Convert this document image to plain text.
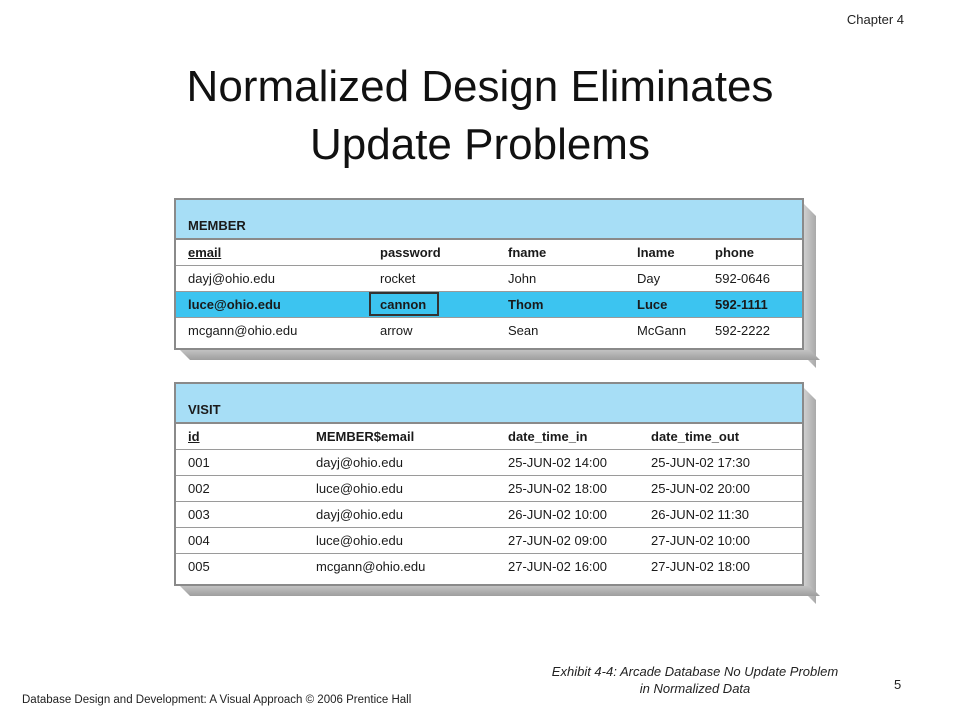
Chapter 4
Normalized Design Eliminates
Update Problems
MEMBER
email	password	fname	lname	phone
dayj@ohio.edu	rocket	John	Day	592-0646
luce@ohio.edu	cannon	Thom	Luce	592-1111
mcgann@ohio.edu	arrow	Sean	McGann 592-2222
VISIT
id	MEMBER$email	date_time_in	date_time_out
001	dayj@ohio.edu	25-JUN-02 14:00	25-JUN-02 17:30
002	luce@ohio.edu	25-JUN-02 18:00	25-JUN-02 20:00
003	dayj@ohio.edu	26-JUN-02 10:00	26-JUN-02 11:30
004	luce@ohio.edu	27-JUN-02 09:00	27-JUN-02 10:00
005	mcgann@ohio.edu	27-JUN-02 16:00	27-JUN-02 18:00
Exhibit 4-4: Arcade Database No Update Problem
in Normalized Data
Database Design and Development: A Visual Approach © 2006 Prentice Hall
5
